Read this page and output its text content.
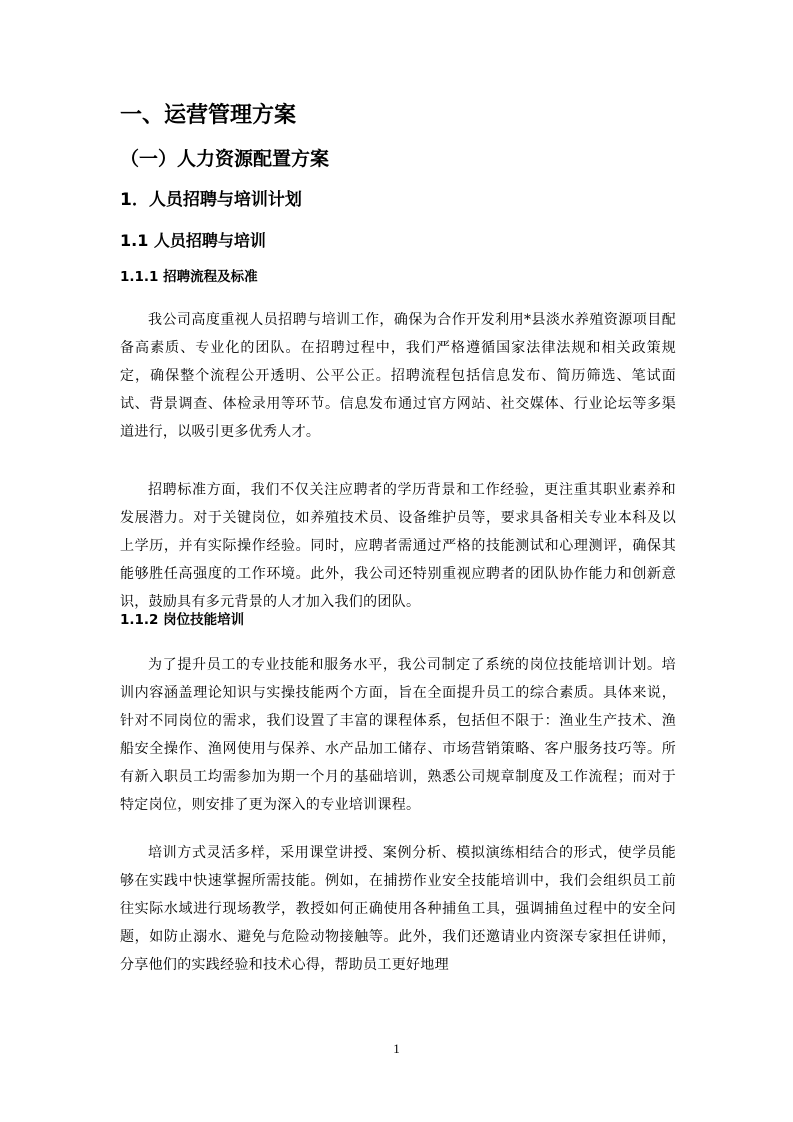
一、运营管理方案
（一）人力资源配置方案
1．人员招聘与培训计划
1.1 人员招聘与培训
1.1.1 招聘流程及标准

我公司高度重视人员招聘与培训工作，确保为合作开发利用*县淡水养殖资源项目配备高素质、专业化的团队。在招聘过程中，我们严格遵循国家法律法规和相关政策规定，确保整个流程公开透明、公平公正。招聘流程包括信息发布、简历筛选、笔试面试、背景调查、体检录用等环节。信息发布通过官方网站、社交媒体、行业论坛等多渠道进行，以吸引更多优秀人才。

招聘标准方面，我们不仅关注应聘者的学历背景和工作经验，更注重其职业素养和发展潜力。对于关键岗位，如养殖技术员、设备维护员等，要求具备相关专业本科及以上学历，并有实际操作经验。同时，应聘者需通过严格的技能测试和心理测评，确保其能够胜任高强度的工作环境。此外，我公司还特别重视应聘者的团队协作能力和创新意识，鼓励具有多元背景的人才加入我们的团队。

1.1.2 岗位技能培训

为了提升员工的专业技能和服务水平，我公司制定了系统的岗位技能培训计划。培训内容涵盖理论知识与实操技能两个方面，旨在全面提升员工的综合素质。具体来说，针对不同岗位的需求，我们设置了丰富的课程体系，包括但不限于：渔业生产技术、渔船安全操作、渔网使用与保养、水产品加工储存、市场营销策略、客户服务技巧等。所有新入职员工均需参加为期一个月的基础培训，熟悉公司规章制度及工作流程；而对于特定岗位，则安排了更为深入的专业培训课程。

培训方式灵活多样，采用课堂讲授、案例分析、模拟演练相结合的形式，使学员能够在实践中快速掌握所需技能。例如，在捕捞作业安全技能培训中，我们会组织员工前往实际水域进行现场教学，教授如何正确使用各种捕鱼工具，强调捕鱼过程中的安全问题，如防止溺水、避免与危险动物接触等。此外，我们还邀请业内资深专家担任讲师，分享他们的实践经验和技术心得，帮助员工更好地理

1
